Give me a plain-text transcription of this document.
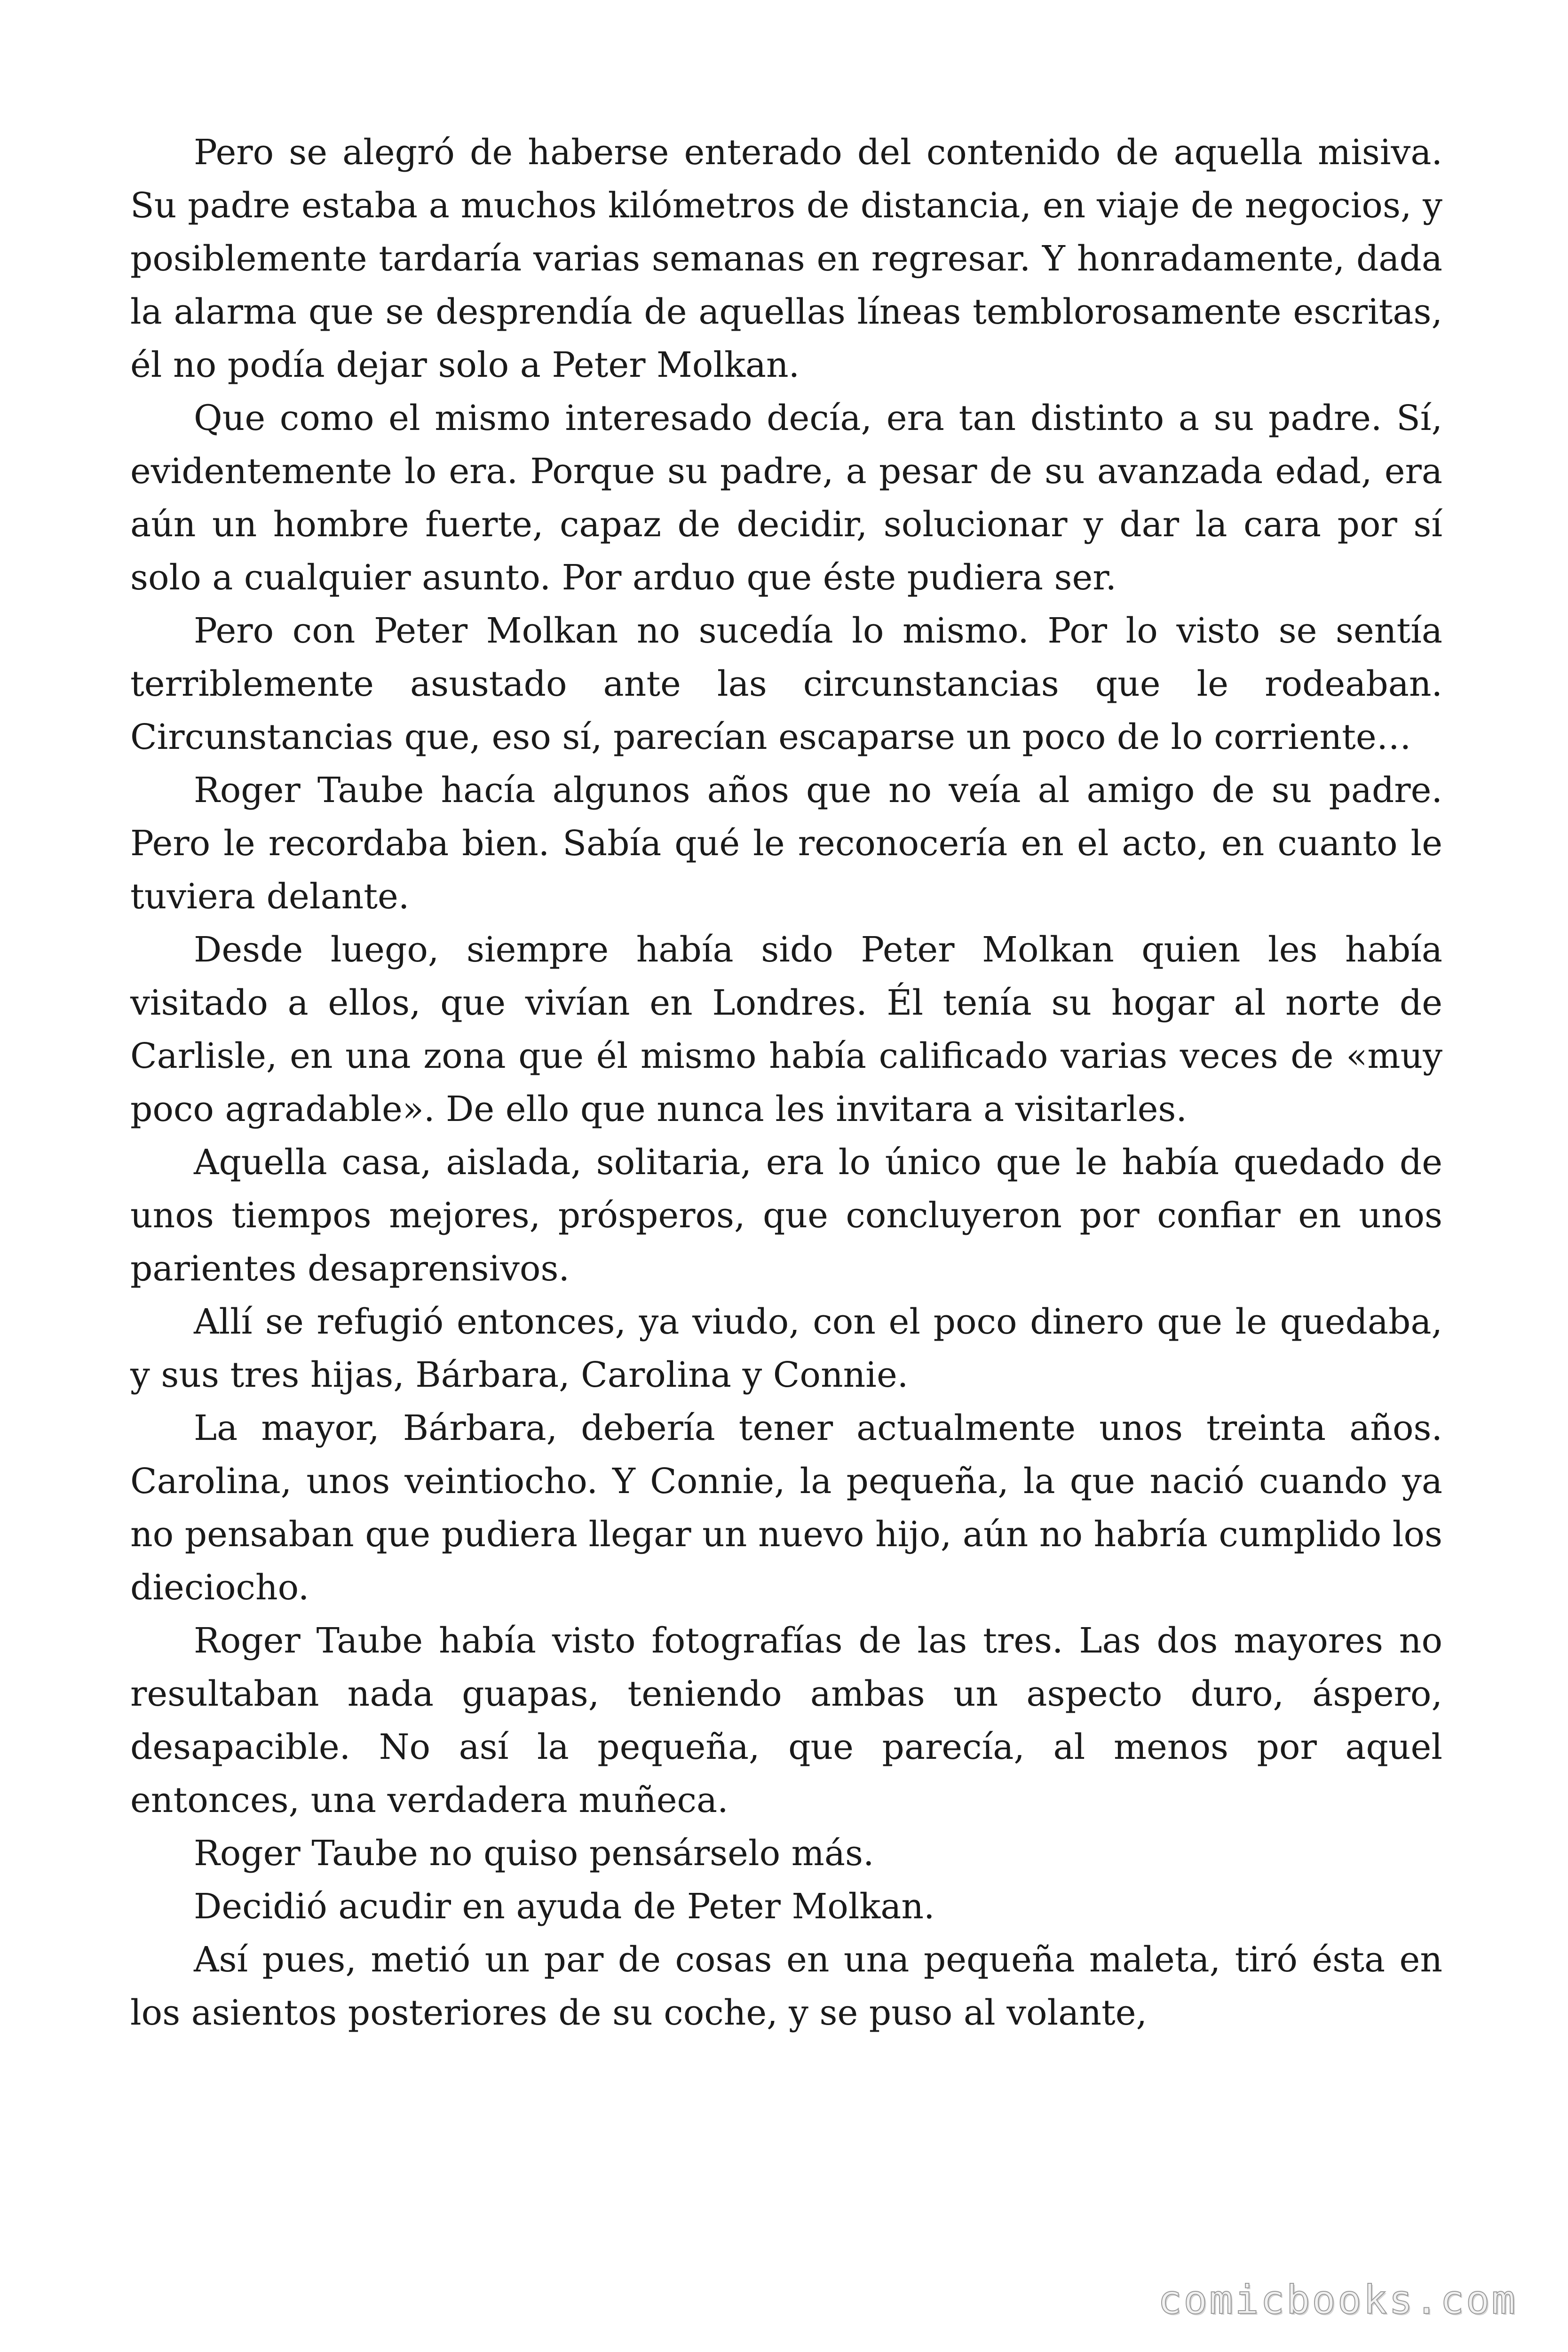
Pero se alegró de haberse enterado del contenido de aquella misiva. Su padre estaba a muchos kilómetros de distancia, en viaje de negocios, y posiblemente tardaría varias semanas en regresar. Y honradamente, dada la alarma que se desprendía de aquellas líneas temblorosamente escritas, él no podía dejar solo a Peter Molkan.

Que como el mismo interesado decía, era tan distinto a su padre. Sí, evidentemente lo era. Porque su padre, a pesar de su avanzada edad, era aún un hombre fuerte, capaz de decidir, solucionar y dar la cara por sí solo a cualquier asunto. Por arduo que éste pudiera ser.

Pero con Peter Molkan no sucedía lo mismo. Por lo visto se sentía terriblemente asustado ante las circunstancias que le rodeaban. Circunstancias que, eso sí, parecían escaparse un poco de lo corriente…

Roger Taube hacía algunos años que no veía al amigo de su padre. Pero le recordaba bien. Sabía qué le reconocería en el acto, en cuanto le tuviera delante.

Desde luego, siempre había sido Peter Molkan quien les había visitado a ellos, que vivían en Londres. Él tenía su hogar al norte de Carlisle, en una zona que él mismo había calificado varias veces de «muy poco agradable». De ello que nunca les invitara a visitarles.

Aquella casa, aislada, solitaria, era lo único que le había quedado de unos tiempos mejores, prósperos, que concluyeron por confiar en unos parientes desaprensivos.

Allí se refugió entonces, ya viudo, con el poco dinero que le quedaba, y sus tres hijas, Bárbara, Carolina y Connie.

La mayor, Bárbara, debería tener actualmente unos treinta años. Carolina, unos veintiocho. Y Connie, la pequeña, la que nació cuando ya no pensaban que pudiera llegar un nuevo hijo, aún no habría cumplido los dieciocho.

Roger Taube había visto fotografías de las tres. Las dos mayores no resultaban nada guapas, teniendo ambas un aspecto duro, áspero, desapacible. No así la pequeña, que parecía, al menos por aquel entonces, una verdadera muñeca.

Roger Taube no quiso pensárselo más.

Decidió acudir en ayuda de Peter Molkan.

Así pues, metió un par de cosas en una pequeña maleta, tiró ésta en los asientos posteriores de su coche, y se puso al volante,

comicbooks.com
